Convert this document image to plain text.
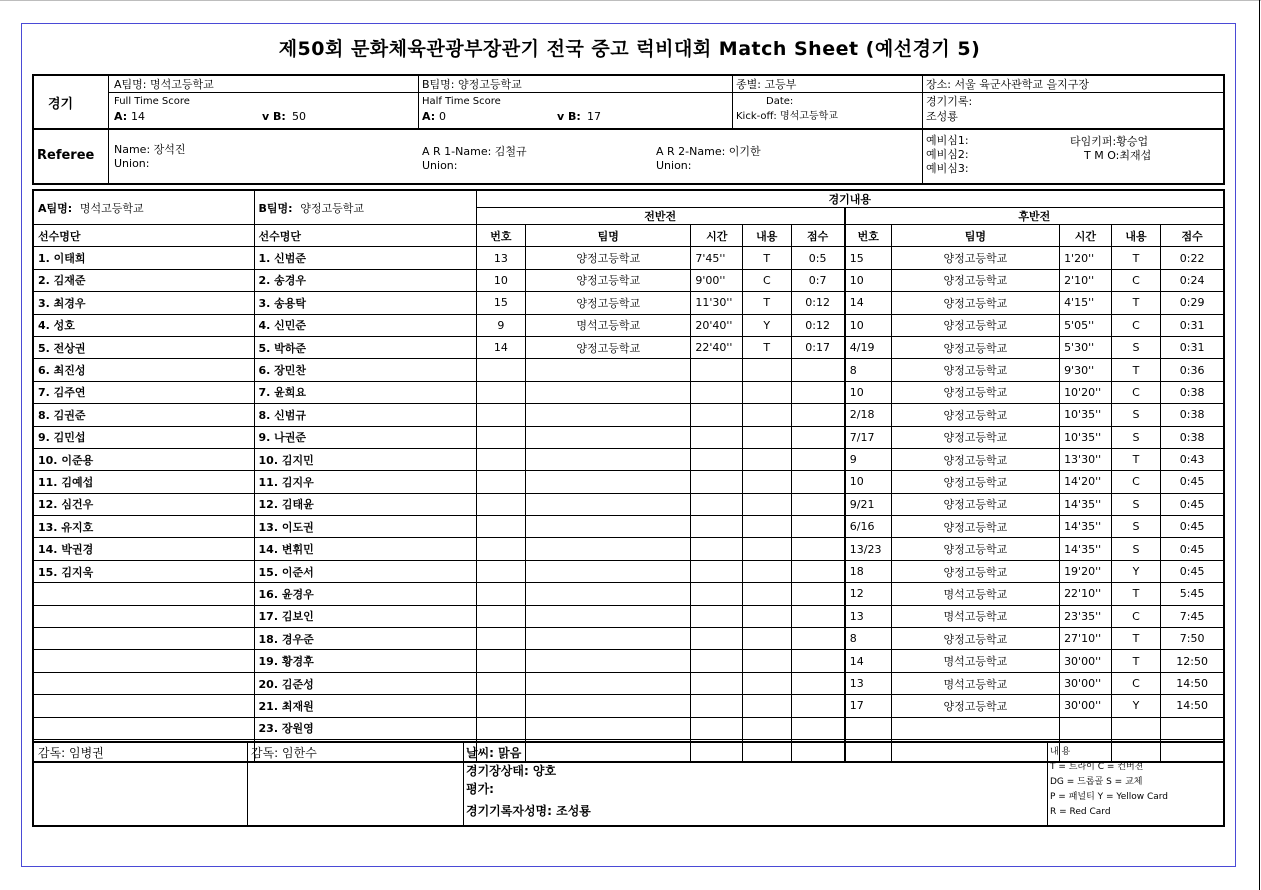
제50회 문화체육관광부장관기 전국 중고 럭비대회 Match Sheet (예선경기 5)
경기
A팀명: 명석고등학교	B팀명: 양정고등학교	종별: 고등부	장소: 서울 육군사관학교 을지구장
Full Time Score
A: 14	v B: 50
Half Time Score
A: 0	v B: 17
Date:
Kick-off: 명석고등학교
경기기록:
조성룡
Referee Name: 장석진
Union:
A R 1-Name: 김철규
Union:
A R 2-Name: 이기한
Union:
예비심1:
예비심2:
예비심3:
타임키퍼:황승업
T M O:최재섭
A팀명: 명석고등학교	B팀명: 양정고등학교	경기내용									
		전반전					후반전				
선수명단	선수명단	번호	팀명	시간	내용	점수	번호	팀명	시간	내용	점수
1. 이태희	1. 신범준	13	양정고등학교	7'45''	T	0:5	15	양정고등학교	1'20''	T	0:22
2. 김재준	2. 송경우	10	양정고등학교	9'00''	C	0:7	10	양정고등학교	2'10''	C	0:24
3. 최경우	3. 송용탁	15	양정고등학교	11'30''	T	0:12	14	양정고등학교	4'15''	T	0:29
4. 성호	4. 신민준	9	명석고등학교	20'40''	Y	0:12	10	양정고등학교	5'05''	C	0:31
5. 전상권	5. 박하준	14	양정고등학교	22'40''	T	0:17	4/19	양정고등학교	5'30''	S	0:31
6. 최진성	6. 장민찬						8	양정고등학교	9'30''	T	0:36
7. 김주연	7. 윤희요						10	양정고등학교	10'20''	C	0:38
8. 김권준	8. 신범규						2/18	양정고등학교	10'35''	S	0:38
9. 김민섭	9. 나권준						7/17	양정고등학교	10'35''	S	0:38
10. 이준용	10. 김지민						9	양정고등학교	13'30''	T	0:43
11. 김예섭	11. 김지우						10	양정고등학교	14'20''	C	0:45
12. 심건우	12. 김태윤						9/21	양정고등학교	14'35''	S	0:45
13. 유지호	13. 이도권						6/16	양정고등학교	14'35''	S	0:45
14. 박권경	14. 변휘민						13/23	양정고등학교	14'35''	S	0:45
15. 김지욱	15. 이준서						18	양정고등학교	19'20''	Y	0:45
	16. 윤경우						12	명석고등학교	22'10''	T	5:45
	17. 김보인						13	명석고등학교	23'35''	C	7:45
	18. 경우준						8	양정고등학교	27'10''	T	7:50
	19. 황경후						14	명석고등학교	30'00''	T	12:50
	20. 김준성						13	명석고등학교	30'00''	C	14:50
	21. 최재원						17	양정고등학교	30'00''	Y	14:50
	23. 장원영										

감독: 임병권	감독: 임한수	날씨: 맑음
경기장상태: 양호
평가:
경기기록자성명: 조성룡
내 용
T = 트라이 C = 컨버젼
DG = 드롭골 S = 교체
P = 패널티 Y = Yellow Card
R = Red Card
